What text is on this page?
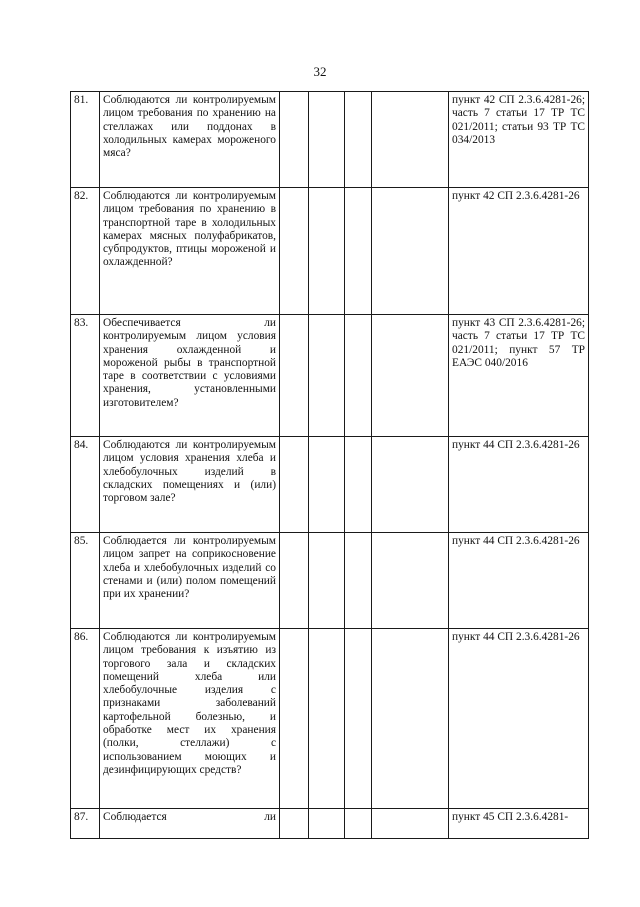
32
81.	Соблюдаются ли контролируемым лицом требования по хранению на стеллажах или поддонах в холодильных камерах мороженого мяса?					пункт 42 СП 2.3.6.4281-26; часть 7 статьи 17 ТР ТС 021/2011; статьи 93 ТР ТС 034/2013
82.	Соблюдаются ли контролируемым лицом требования по хранению в транспортной таре в холодильных камерах мясных полуфабрикатов, субпродуктов, птицы мороженой и охлажденной?					пункт 42 СП 2.3.6.4281-26
83.	Обеспечивается ли контролируемым лицом условия хранения охлажденной и мороженой рыбы в транспортной таре в соответствии с условиями хранения, установленными изготовителем?					пункт 43 СП 2.3.6.4281-26; часть 7 статьи 17 ТР ТС 021/2011; пункт 57 ТР ЕАЭС 040/2016
84.	Соблюдаются ли контролируемым лицом условия хранения хлеба и хлебобулочных изделий в складских помещениях и (или) торговом зале?					пункт 44 СП 2.3.6.4281-26
85.	Соблюдается ли контролируемым лицом запрет на соприкосновение хлеба и хлебобулочных изделий со стенами и (или) полом помещений при их хранении?					пункт 44 СП 2.3.6.4281-26
86.	Соблюдаются ли контролируемым лицом требования к изъятию из торгового зала и складских помещений хлеба или хлебобулочные изделия с признаками заболеваний картофельной болезнью, и обработке мест их хранения (полки, стеллажи) с использованием моющих и дезинфицирующих средств?					пункт 44 СП 2.3.6.4281-26
87.	Соблюдается ли					пункт 45 СП 2.3.6.4281-
